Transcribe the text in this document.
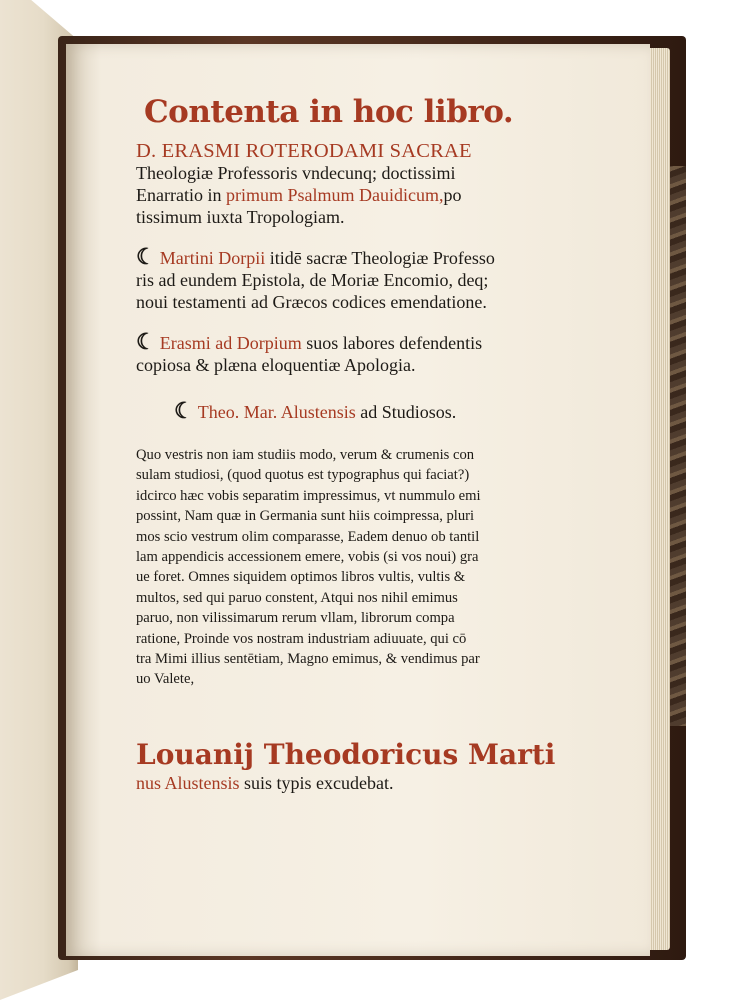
Contenta in hoc libro.
D. ERASMI ROTERODAMI SACRAE
Theologiæ Professoris vndecunq; doctissimi
Enarratio in primum Psalmum Dauidicum,po
tissimum iuxta Tropologiam.
☾ Martini Dorpii itidē sacræ Theologiæ Professo
ris ad eundem Epistola, de Moriæ Encomio, deq;
noui testamenti ad Græcos codices emendatione.
☾ Erasmi ad Dorpium suos labores defendentis
copiosa & plæna eloquentiæ Apologia.
☾ Theo. Mar. Alustensis ad Studiosos.
Quo vestris non iam studiis modo, verum & crumenis con
sulam studiosi, (quod quotus est typographus qui faciat?)
idcirco hæc vobis separatim impressimus, vt nummulo emi
possint, Nam quæ in Germania sunt hiis coimpressa, pluri
mos scio vestrum olim comparasse, Eadem denuo ob tantil
lam appendicis accessionem emere, vobis (si vos noui) gra
ue foret. Omnes siquidem optimos libros vultis, vultis &
multos, sed qui paruo constent, Atqui nos nihil emimus
paruo, non vilissimarum rerum vllam, librorum compa
ratione, Proinde vos nostram industriam adiuuate, qui cō
tra Mimi illius sentētiam, Magno emimus, & vendimus par
uo Valete,
Louanij Theodoricus Marti
nus Alustensis suis typis excudebat.
